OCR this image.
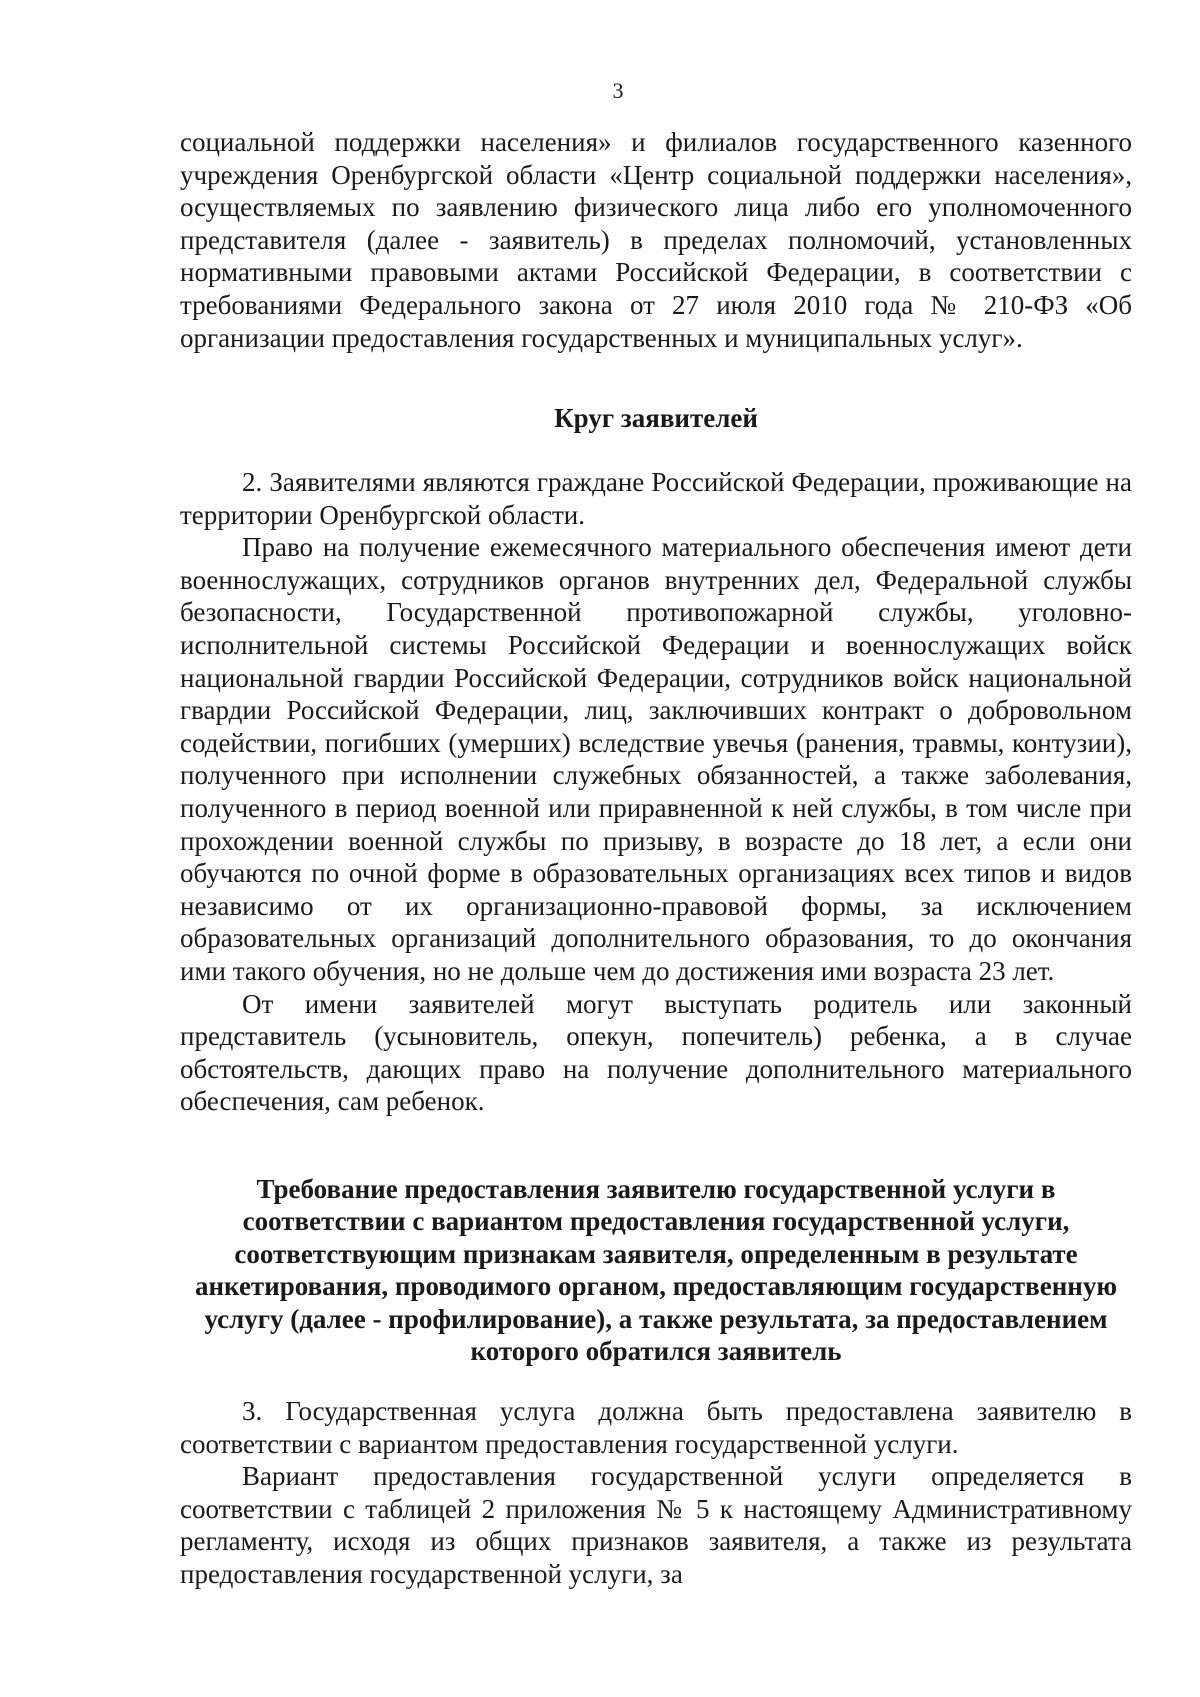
3

социальной поддержки населения» и филиалов государственного казенного учреждения Оренбургской области «Центр социальной поддержки населения», осуществляемых по заявлению физического лица либо его уполномоченного представителя (далее - заявитель) в пределах полномочий, установленных нормативными правовыми актами Российской Федерации, в соответствии с требованиями Федерального закона от 27 июля 2010 года № 210-ФЗ «Об организации предоставления государственных и муниципальных услуг».

Круг заявителей

2. Заявителями являются граждане Российской Федерации, проживающие на территории Оренбургской области.

Право на получение ежемесячного материального обеспечения имеют дети военнослужащих, сотрудников органов внутренних дел, Федеральной службы безопасности, Государственной противопожарной службы, уголовно-исполнительной системы Российской Федерации и военнослужащих войск национальной гвардии Российской Федерации, сотрудников войск национальной гвардии Российской Федерации, лиц, заключивших контракт о добровольном содействии, погибших (умерших) вследствие увечья (ранения, травмы, контузии), полученного при исполнении служебных обязанностей, а также заболевания, полученного в период военной или приравненной к ней службы, в том числе при прохождении военной службы по призыву, в возрасте до 18 лет, а если они обучаются по очной форме в образовательных организациях всех типов и видов независимо от их организационно-правовой формы, за исключением образовательных организаций дополнительного образования, то до окончания ими такого обучения, но не дольше чем до достижения ими возраста 23 лет.

От имени заявителей могут выступать родитель или законный представитель (усыновитель, опекун, попечитель) ребенка, а в случае обстоятельств, дающих право на получение дополнительного материального обеспечения, сам ребенок.

Требование предоставления заявителю государственной услуги в соответствии с вариантом предоставления государственной услуги, соответствующим признакам заявителя, определенным в результате анкетирования, проводимого органом, предоставляющим государственную услугу (далее - профилирование), а также результата, за предоставлением которого обратился заявитель

3. Государственная услуга должна быть предоставлена заявителю в соответствии с вариантом предоставления государственной услуги.

Вариант предоставления государственной услуги определяется в соответствии с таблицей 2 приложения № 5 к настоящему Административному регламенту, исходя из общих признаков заявителя, а также из результата предоставления государственной услуги, за
